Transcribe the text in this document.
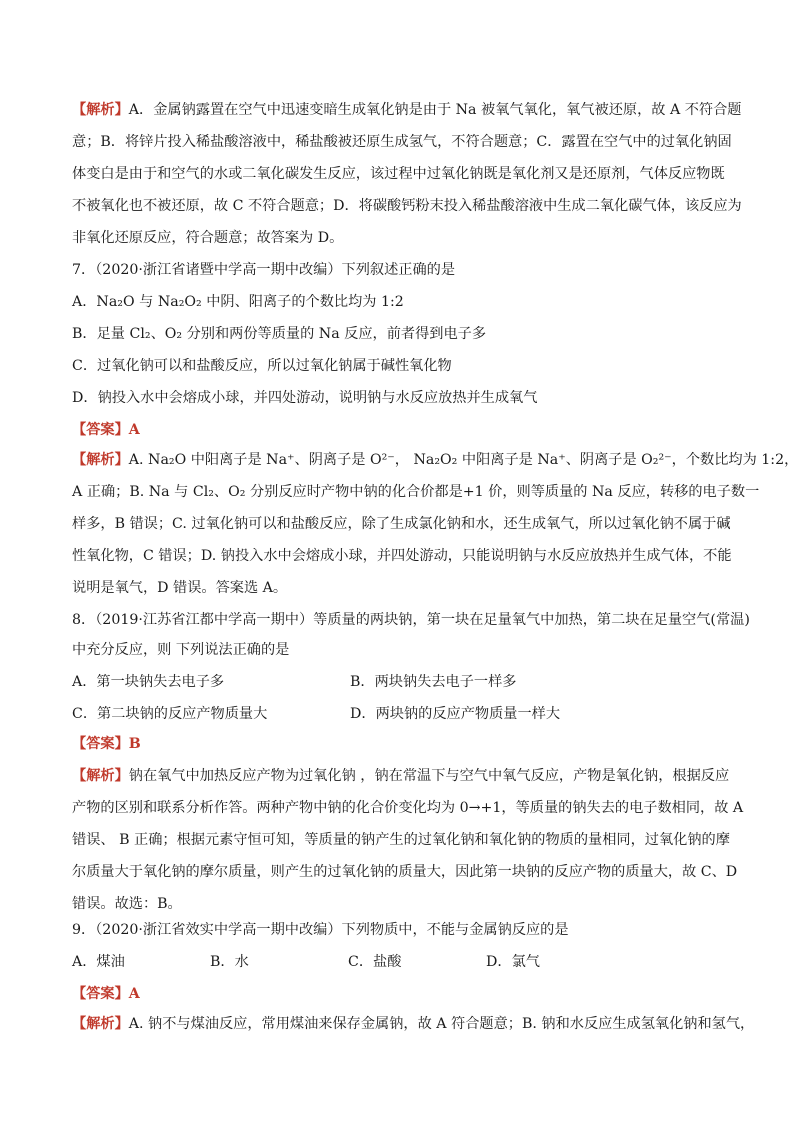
【解析】A．金属钠露置在空气中迅速变暗生成氧化钠是由于 Na 被氧气氧化，氧气被还原，故 A 不符合题
意；B．将锌片投入稀盐酸溶液中，稀盐酸被还原生成氢气，不符合题意；C．露置在空气中的过氧化钠固
体变白是由于和空气的水或二氧化碳发生反应，该过程中过氧化钠既是氧化剂又是还原剂，气体反应物既
不被氧化也不被还原，故 C 不符合题意；D．将碳酸钙粉末投入稀盐酸溶液中生成二氧化碳气体，该反应为
非氧化还原反应，符合题意；故答案为 D。
7．（2020·浙江省诸暨中学高一期中改编）下列叙述正确的是
A．Na₂O 与 Na₂O₂ 中阴、阳离子的个数比均为 1:2
B．足量 Cl₂、O₂ 分别和两份等质量的 Na 反应，前者得到电子多
C．过氧化钠可以和盐酸反应，所以过氧化钠属于碱性氧化物
D．钠投入水中会熔成小球，并四处游动，说明钠与水反应放热并生成氧气
【答案】A
【解析】A. Na₂O 中阳离子是 Na⁺、阴离子是 O²⁻， Na₂O₂ 中阳离子是 Na⁺、阴离子是 O₂²⁻，个数比均为 1:2，
A 正确；B. Na 与 Cl₂、O₂ 分别反应时产物中钠的化合价都是+1 价，则等质量的 Na 反应，转移的电子数一
样多，B 错误；C. 过氧化钠可以和盐酸反应，除了生成氯化钠和水，还生成氧气，所以过氧化钠不属于碱
性氧化物，C 错误；D. 钠投入水中会熔成小球，并四处游动，只能说明钠与水反应放热并生成气体，不能
说明是氧气，D 错误。答案选 A。
8．（2019·江苏省江都中学高一期中）等质量的两块钠，第一块在足量氧气中加热，第二块在足量空气(常温)
中充分反应，则 下列说法正确的是
A．第一块钠失去电子多	B．两块钠失去电子一样多
C．第二块钠的反应产物质量大	D．两块钠的反应产物质量一样大
【答案】B
【解析】钠在氧气中加热反应产物为过氧化钠 ，钠在常温下与空气中氧气反应，产物是氧化钠，根据反应
产物的区别和联系分析作答。两种产物中钠的化合价变化均为 0→+1，等质量的钠失去的电子数相同，故 A
错误、 B 正确；根据元素守恒可知，等质量的钠产生的过氧化钠和氧化钠的物质的量相同，过氧化钠的摩
尔质量大于氧化钠的摩尔质量，则产生的过氧化钠的质量大，因此第一块钠的反应产物的质量大，故 C、D
错误。故选：B。
9．（2020·浙江省效实中学高一期中改编）下列物质中，不能与金属钠反应的是
A．煤油	B．水	C．盐酸	D．氯气
【答案】A
【解析】A. 钠不与煤油反应，常用煤油来保存金属钠，故 A 符合题意；B. 钠和水反应生成氢氧化钠和氢气，
